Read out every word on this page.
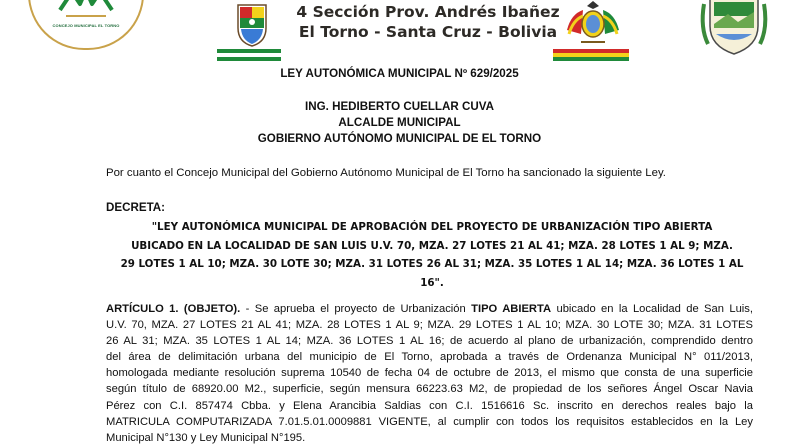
CONCEJO MUNICIPAL EL TORNO
4 Sección Prov. Andrés Ibañez
El Torno - Santa Cruz - Bolivia
LEY AUTONÓMICA MUNICIPAL Nº 629/2025
ING. HEDIBERTO CUELLAR CUVA
ALCALDE MUNICIPAL
GOBIERNO AUTÓNOMO MUNICIPAL DE EL TORNO
Por cuanto el Concejo Municipal del Gobierno Autónomo Municipal de El Torno ha sancionado la siguiente Ley.
DECRETA:
"LEY AUTONÓMICA MUNICIPAL DE APROBACIÓN DEL PROYECTO DE URBANIZACIÓN TIPO ABIERTA
UBICADO EN LA LOCALIDAD DE SAN LUIS U.V. 70, MZA. 27 LOTES 21 AL 41; MZA. 28 LOTES 1 AL 9; MZA.
29 LOTES 1 AL 10; MZA. 30 LOTE 30; MZA. 31 LOTES 26 AL 31; MZA. 35 LOTES 1 AL 14; MZA. 36 LOTES 1 AL
16".
ARTÍCULO 1. (OBJETO). - Se aprueba el proyecto de Urbanización TIPO ABIERTA ubicado en la Localidad de San Luis,
U.V. 70, MZA. 27 LOTES 21 AL 41; MZA. 28 LOTES 1 AL 9; MZA. 29 LOTES 1 AL 10; MZA. 30 LOTE 30; MZA. 31 LOTES
26 AL 31; MZA. 35 LOTES 1 AL 14; MZA. 36 LOTES 1 AL 16; de acuerdo al plano de urbanización, comprendido dentro
del área de delimitación urbana del municipio de El Torno, aprobada a través de Ordenanza Municipal N° 011/2013,
homologada mediante resolución suprema 10540 de fecha 04 de octubre de 2013, el mismo que consta de una superficie
según título de 68920.00 M2., superficie, según mensura 66223.63 M2, de propiedad de los señores Ángel Oscar Navia
Pérez con C.I. 857474 Cbba. y Elena Arancibia Saldias con C.I. 1516616 Sc. inscrito en derechos reales bajo la
MATRICULA COMPUTARIZADA 7.01.5.01.0009881 VIGENTE, al cumplir con todos los requisitos establecidos en la Ley
Municipal N°130 y Ley Municipal N°195.
